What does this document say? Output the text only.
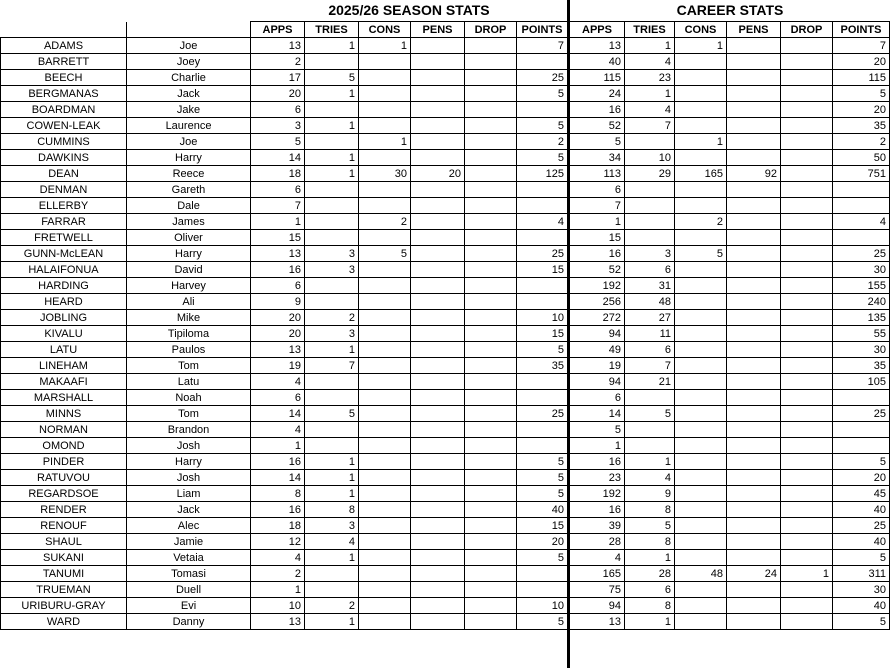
2025/26 SEASON STATS	CAREER STATS
		APPS	TRIES	CONS	PENS	DROP	POINTS	APPS	TRIES	CONS	PENS	DROP	POINTS
ADAMS	Joe	13	1	1			7	13	1	1			7
BARRETT	Joey	2						40	4				20
BEECH	Charlie	17	5				25	115	23				115
BERGMANAS	Jack	20	1				5	24	1				5
BOARDMAN	Jake	6						16	4				20
COWEN-LEAK	Laurence	3	1				5	52	7				35
CUMMINS	Joe	5		1			2	5		1			2
DAWKINS	Harry	14	1				5	34	10				50
DEAN	Reece	18	1	30	20		125	113	29	165	92		751
DENMAN	Gareth	6						6					
ELLERBY	Dale	7						7					
FARRAR	James	1		2			4	1		2			4
FRETWELL	Oliver	15						15					
GUNN-McLEAN	Harry	13	3	5			25	16	3	5			25
HALAIFONUA	David	16	3				15	52	6				30
HARDING	Harvey	6						192	31				155
HEARD	Ali	9						256	48				240
JOBLING	Mike	20	2				10	272	27				135
KIVALU	Tipiloma	20	3				15	94	11				55
LATU	Paulos	13	1				5	49	6				30
LINEHAM	Tom	19	7				35	19	7				35
MAKAAFI	Latu	4						94	21				105
MARSHALL	Noah	6						6					
MINNS	Tom	14	5				25	14	5				25
NORMAN	Brandon	4						5					
OMOND	Josh	1						1					
PINDER	Harry	16	1				5	16	1				5
RATUVOU	Josh	14	1				5	23	4				20
REGARDSOE	Liam	8	1				5	192	9				45
RENDER	Jack	16	8				40	16	8				40
RENOUF	Alec	18	3				15	39	5				25
SHAUL	Jamie	12	4				20	28	8				40
SUKANI	Vetaia	4	1				5	4	1				5
TANUMI	Tomasi	2						165	28	48	24	1	311
TRUEMAN	Duell	1						75	6				30
URIBURU-GRAY	Evi	10	2				10	94	8				40
WARD	Danny	13	1				5	13	1				5
